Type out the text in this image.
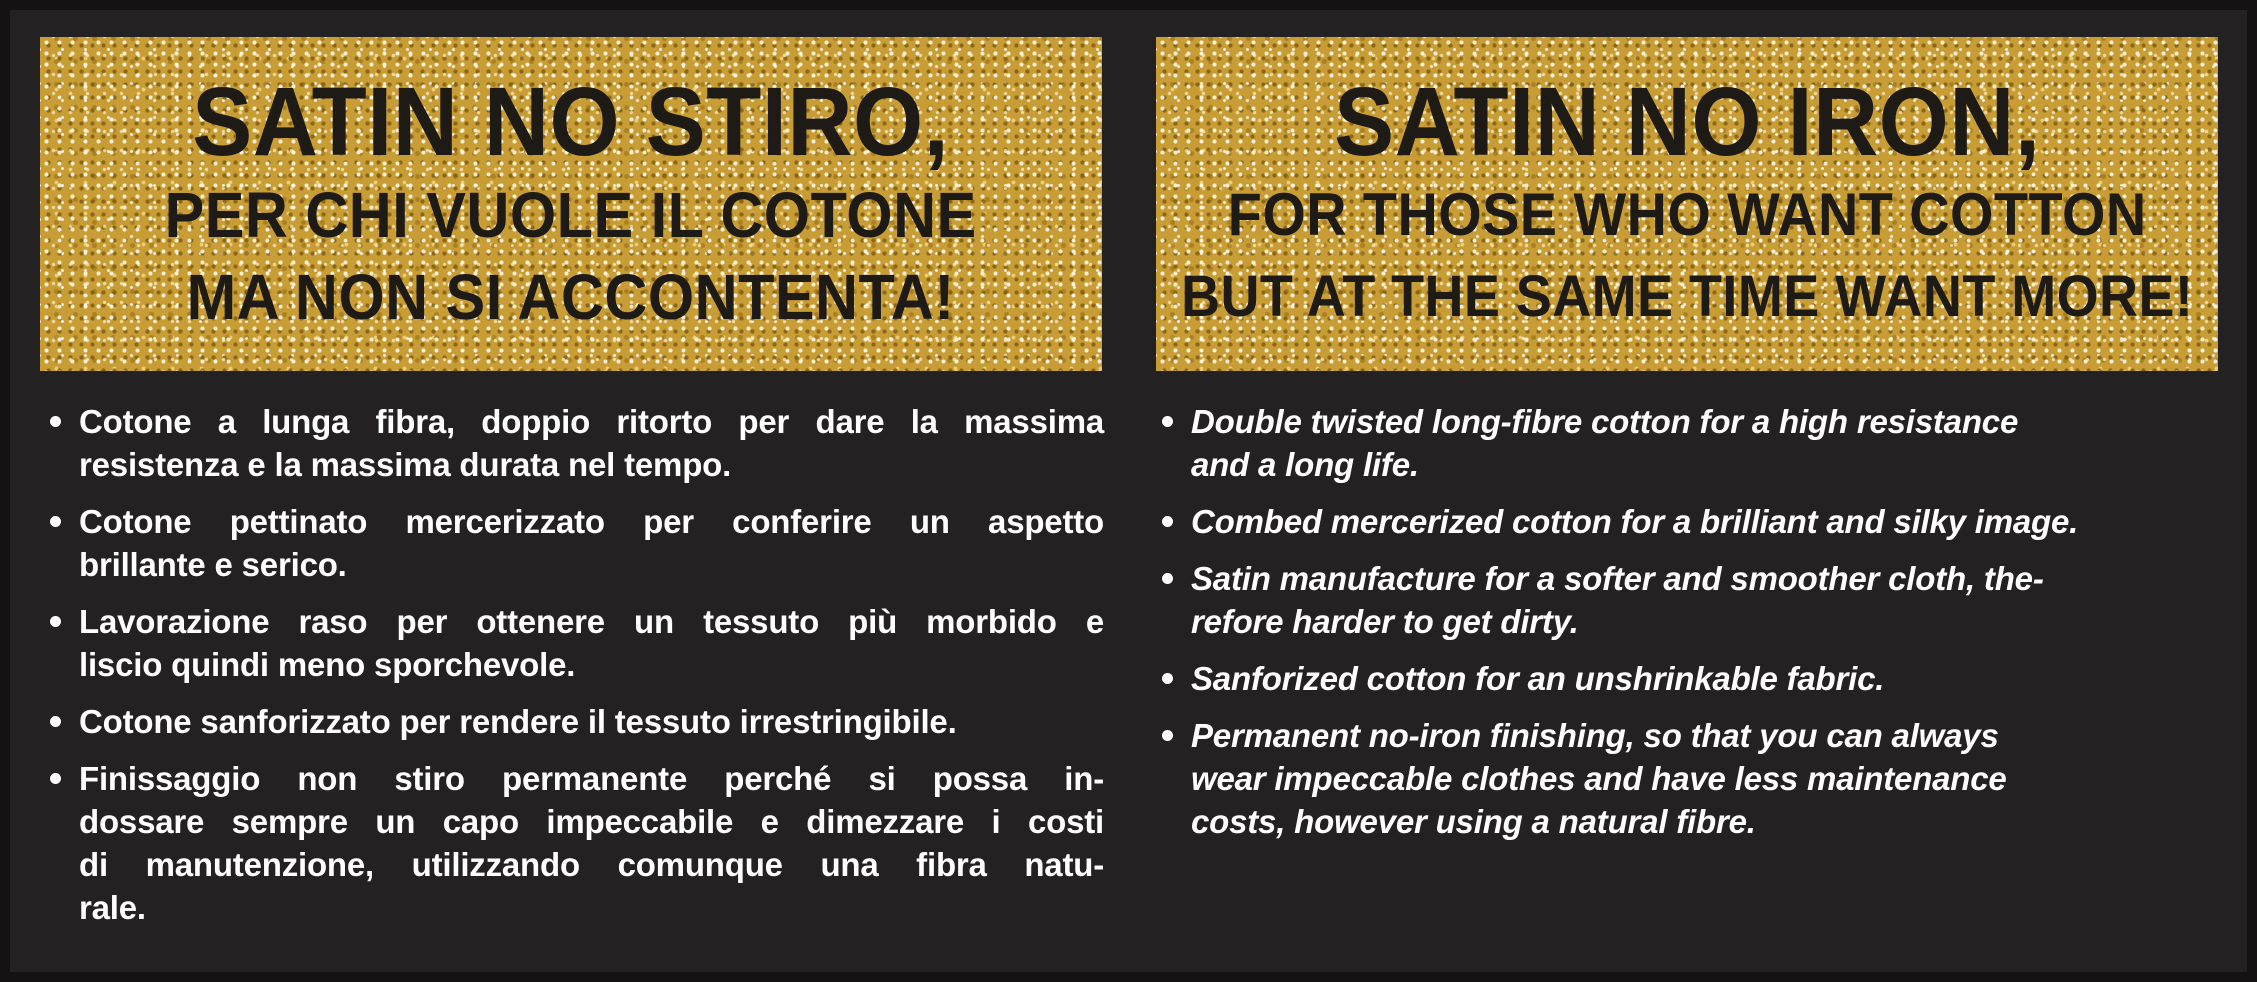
SATIN NO STIRO,
PER CHI VUOLE IL COTONE
MA NON SI ACCONTENTA!
SATIN NO IRON,
FOR THOSE WHO WANT COTTON
BUT AT THE SAME TIME WANT MORE!
Cotone a lunga fibra, doppio ritorto per dare la massima
resistenza e la massima durata nel tempo.
Cotone pettinato mercerizzato per conferire un aspetto
brillante e serico.
Lavorazione raso per ottenere un tessuto più morbido e
liscio quindi meno sporchevole.
Cotone sanforizzato per rendere il tessuto irrestringibile.
Finissaggio non stiro permanente perché si possa in-
dossare sempre un capo impeccabile e dimezzare i costi
di manutenzione, utilizzando comunque una fibra natu-
rale.
Double twisted long-fibre cotton for a high resistance
and a long life.
Combed mercerized cotton for a brilliant and silky image.
Satin manufacture for a softer and smoother cloth, the-
refore harder to get dirty.
Sanforized cotton for an unshrinkable fabric.
Permanent no-iron finishing, so that you can always
wear impeccable clothes and have less maintenance
costs, however using a natural fibre.
